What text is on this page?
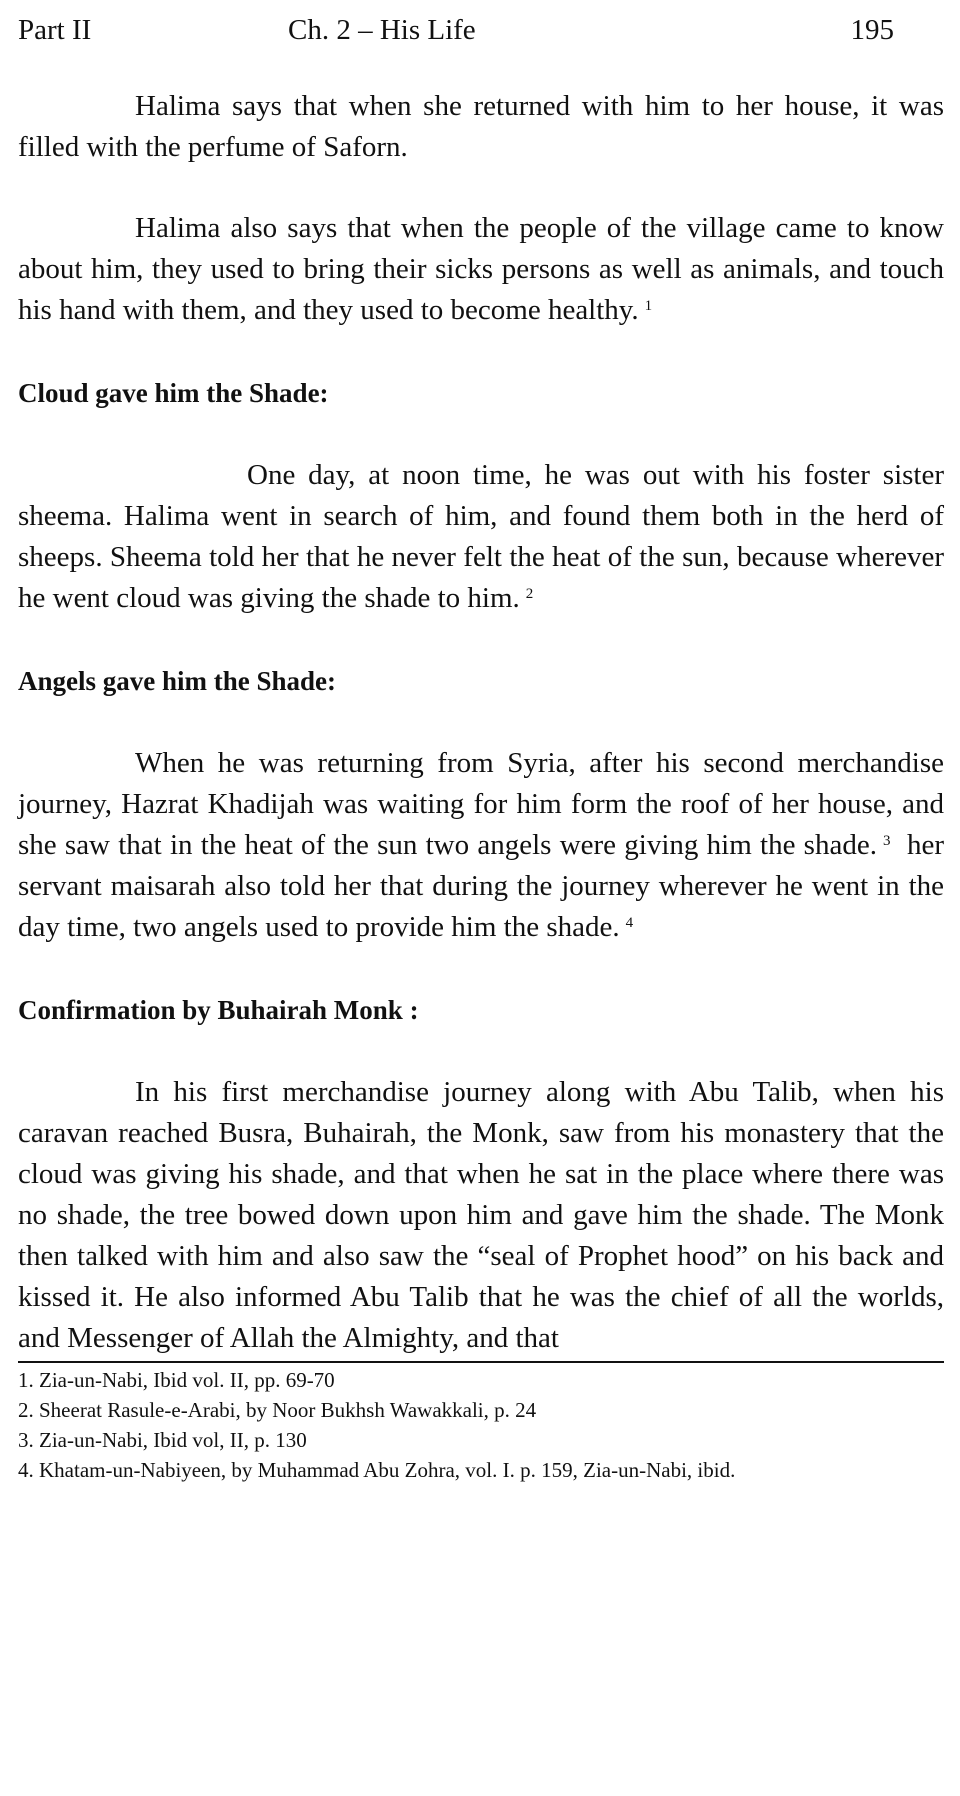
Part II	Ch. 2 – His Life	195

Halima says that when she returned with him to her house, it was filled with the perfume of Saforn.

Halima also says that when the people of the village came to know about him, they used to bring their sicks persons as well as animals, and touch his hand with them, and they used to become healthy. $^1$

Cloud gave him the Shade:

One day, at noon time, he was out with his foster sister sheema. Halima went in search of him, and found them both in the herd of sheeps. Sheema told her that he never felt the heat of the sun, because wherever he went cloud was giving the shade to him. $^2$

Angels gave him the Shade:

When he was returning from Syria, after his second merchandise journey, Hazrat Khadijah was waiting for him form the roof of her house, and she saw that in the heat of the sun two angels were giving him the shade. $^3$ her servant maisarah also told her that during the journey wherever he went in the day time, two angels used to provide him the shade. $^4$

Confirmation by Buhairah Monk :

In his first merchandise journey along with Abu Talib, when his caravan reached Busra, Buhairah, the Monk, saw from his monastery that the cloud was giving his shade, and that when he sat in the place where there was no shade, the tree bowed down upon him and gave him the shade. The Monk then talked with him and also saw the “seal of Prophet hood” on his back and kissed it. He also informed Abu Talib that he was the chief of all the worlds, and Messenger of Allah the Almighty, and that

1. Zia-un-Nabi, Ibid vol. II, pp. 69-70
2. Sheerat Rasule-e-Arabi, by Noor Bukhsh Wawakkali, p. 24
3. Zia-un-Nabi, Ibid vol, II, p. 130
4. Khatam-un-Nabiyeen, by Muhammad Abu Zohra, vol. I. p. 159, Zia-un-Nabi, ibid.
